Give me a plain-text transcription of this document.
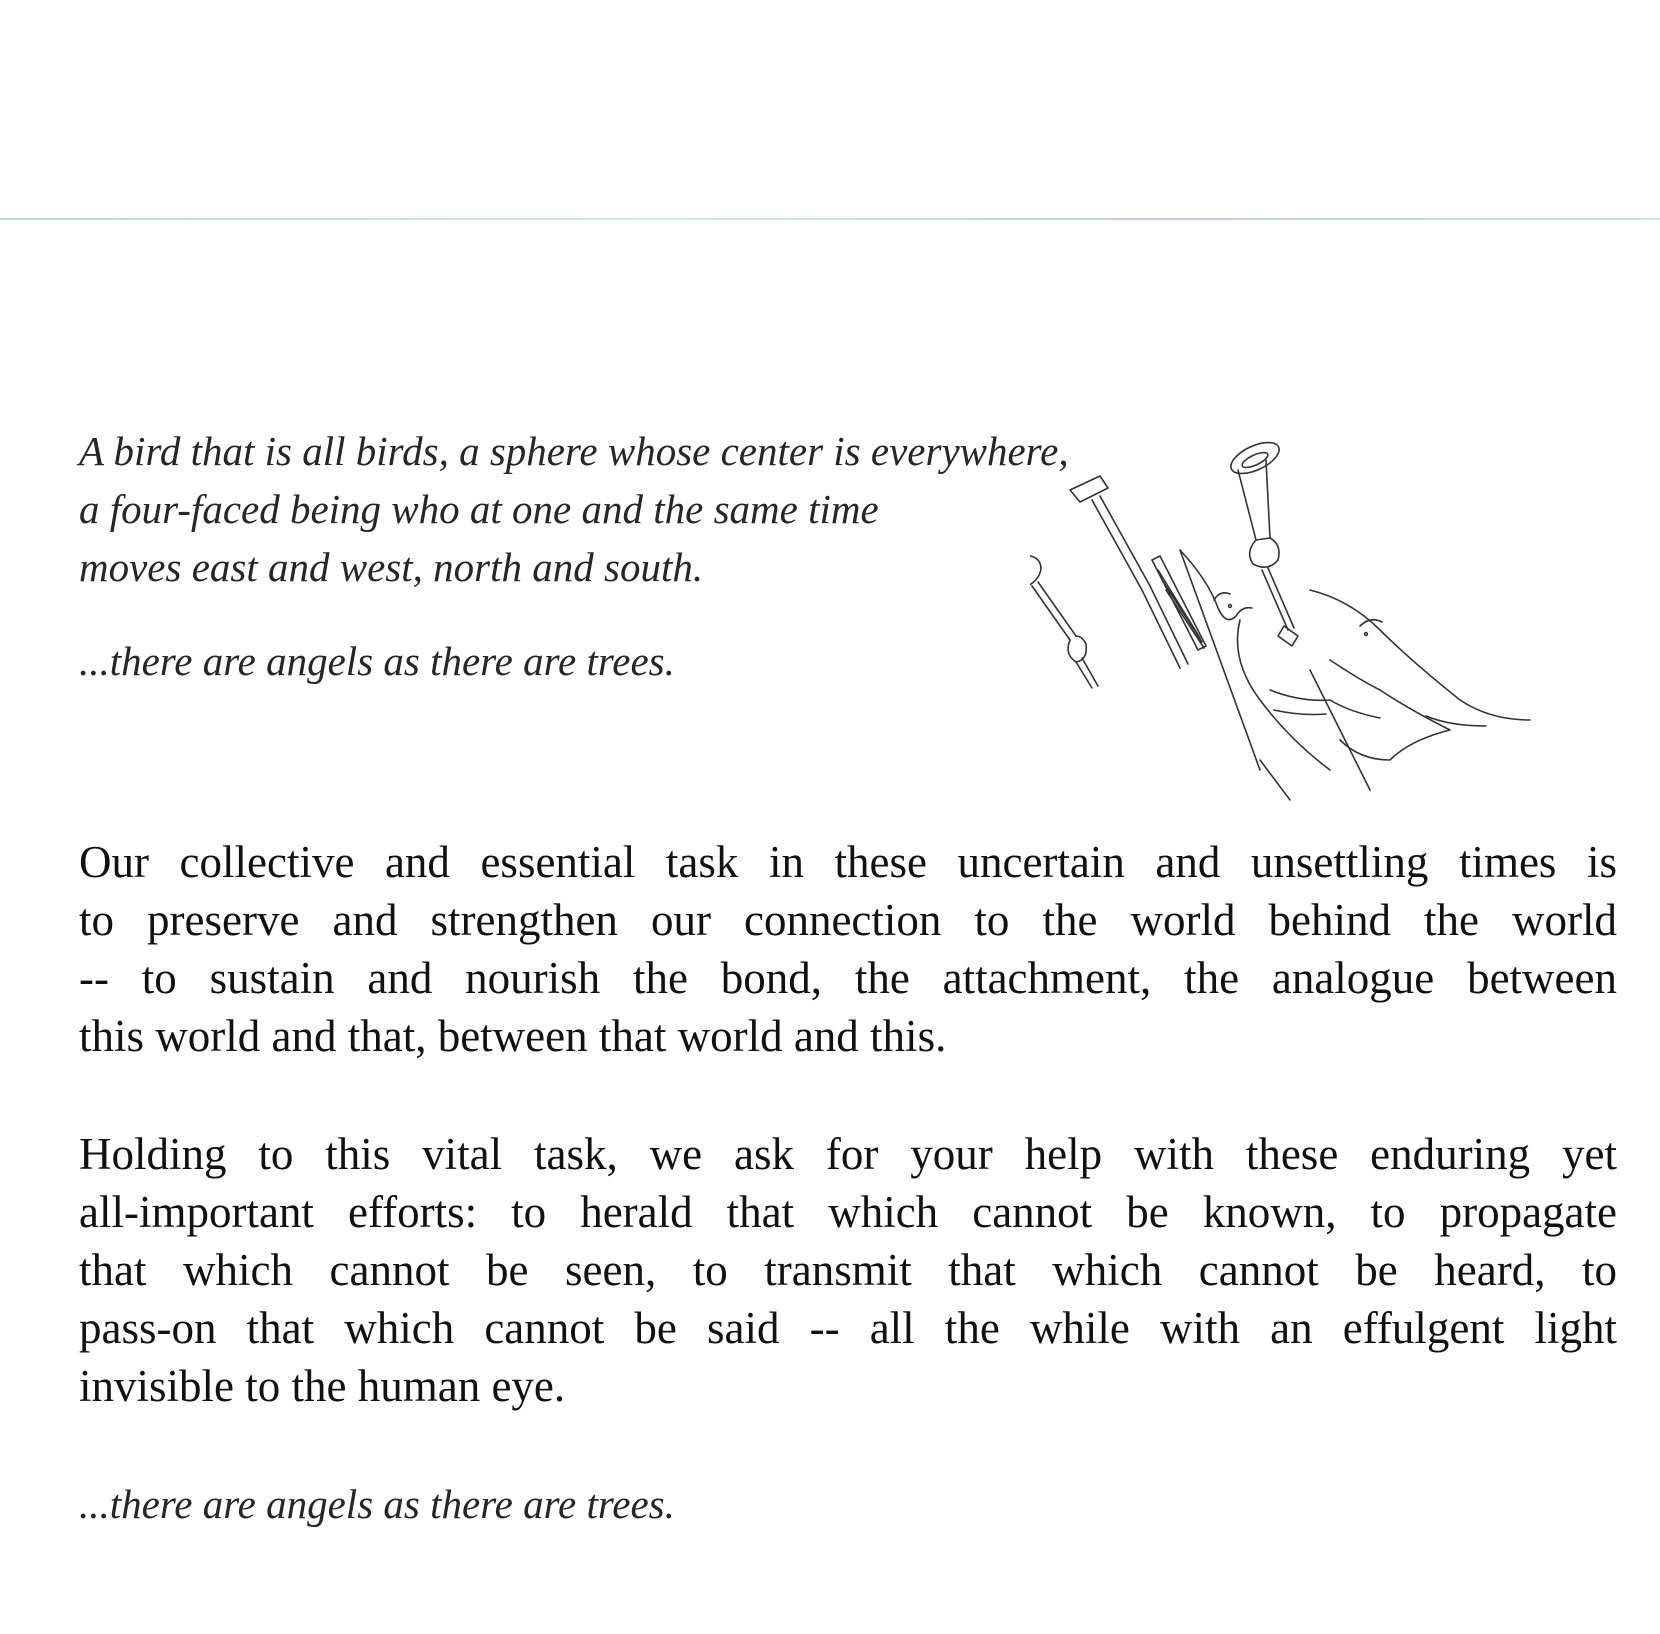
A bird that is all birds, a sphere whose center is everywhere,
a four-faced being who at one and the same time
moves east and west, north and south.
...there are angels as there are trees.
Our collective and essential task in these uncertain and unsettling times is
to preserve and strengthen our connection to the world behind the world
-- to sustain and nourish the bond, the attachment, the analogue between
this world and that, between that world and this.
Holding to this vital task, we ask for your help with these enduring yet
all-important efforts: to herald that which cannot be known, to propagate
that which cannot be seen, to transmit that which cannot be heard, to
pass-on that which cannot be said -- all the while with an effulgent light
invisible to the human eye.
...there are angels as there are trees.
